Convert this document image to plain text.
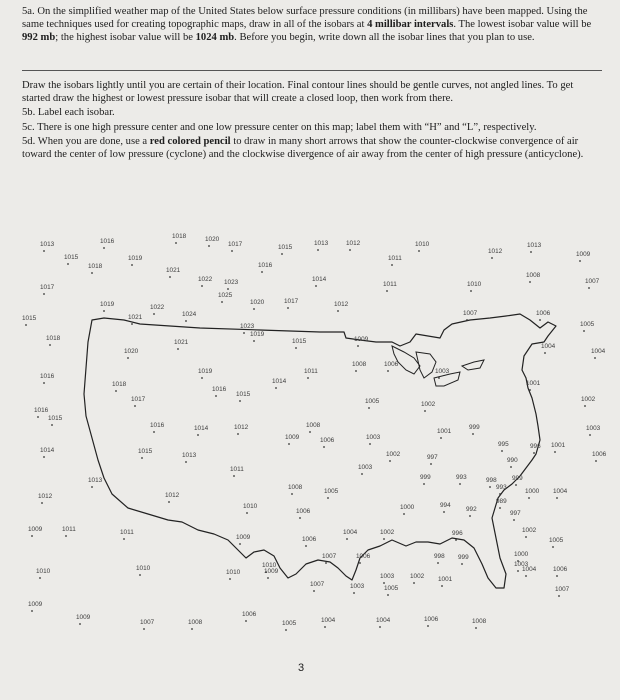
5a. On the simplified weather map of the United States below surface pressure conditions (in millibars) have been mapped. Using the same techniques used for creating topographic maps, draw in all of the isobars at 4 millibar intervals. The lowest isobar value will be 992 mb; the highest isobar value will be 1024 mb. Before you begin, write down all the isobar lines that you plan to use.

Draw the isobars lightly until you are certain of their location. Final contour lines should be gentle curves, not angled lines. To get started draw the highest or lowest pressure isobar that will create a closed loop, then work from there.

5b. Label each isobar.

5c. There is one high pressure center and one low pressure center on this map; label them with “H” and “L”, respectively.

5d. When you are done, use a red colored pencil to draw in many short arrows that show the counter-clockwise convergence of air toward the center of low pressure (cyclone) and the clockwise divergence of air away from the center of high pressure (anticyclone).

1013	1016
1018	1020
1017	1015
1013	1012	1010
1012
1013
1009
1015	1019	1011
1016
1018
1021
1022 1023	1014
1011	1010
1008
1007
1017
1025
1020	1017
1019	1022
1024
1012
1007	1006
1015	1021
1023
1019
1005
1018
1021	1015	1009
1004
1020
1008	1006
1004
1016
1019	1011
1014
1003
1018
1016
1015
1001
1017	1005	1002
1002
1016
1015
1016	1014	1012	1008
1001
999	1003
1009	1006	1003
995	996 1001
1006
1014	1015
1013	1002	997	990
1011	1003
999	993	998 999
1013
1008
1005
993
1000 1004
1012	1012
1010
1006
1000	994
992
989
997
1009	1011	1011
1009	1006
1004	1002	996	1002
1005
1007	1006	998 999	1000
1003
1010	1010
1010
1010
1009
1003 1002 1001
1004	1006
1007	1003	1005	1007
1009
1009
1007	1008
1006
1005	1004	1004	1006	1008
3
